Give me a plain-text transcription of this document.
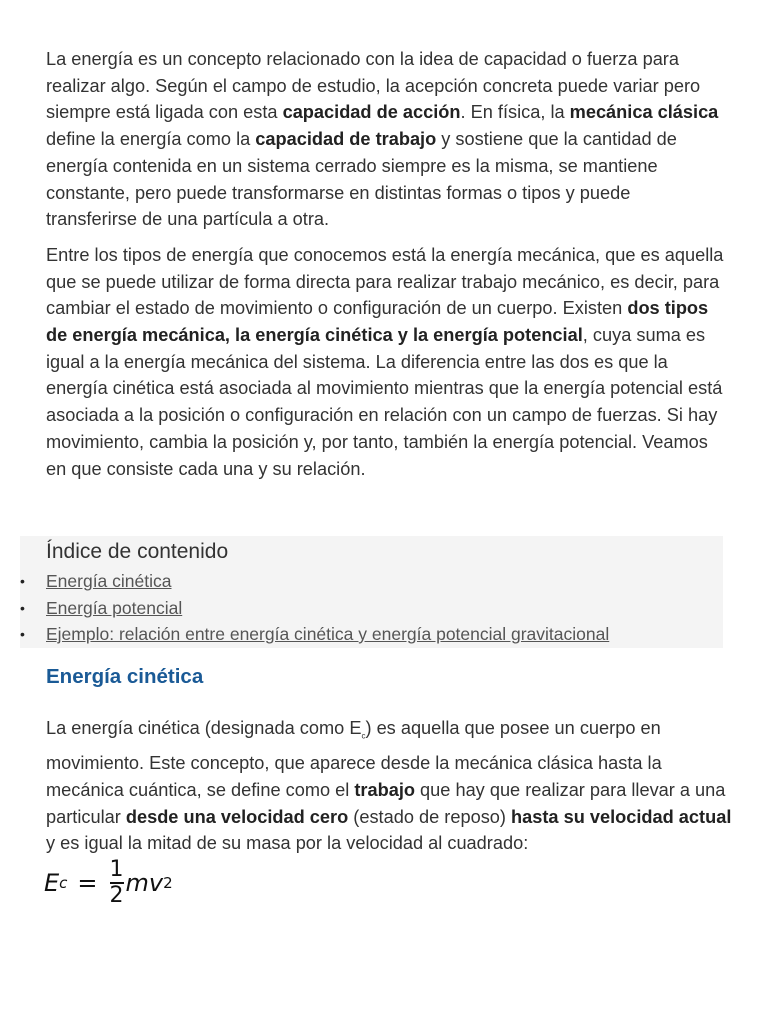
La energía es un concepto relacionado con la idea de capacidad o fuerza para realizar algo. Según el campo de estudio, la acepción concreta puede variar pero siempre está ligada con esta capacidad de acción. En física, la mecánica clásica define la energía como la capacidad de trabajo y sostiene que la cantidad de energía contenida en un sistema cerrado siempre es la misma, se mantiene constante, pero puede transformarse en distintas formas o tipos y puede transferirse de una partícula a otra.

Entre los tipos de energía que conocemos está la energía mecánica, que es aquella que se puede utilizar de forma directa para realizar trabajo mecánico, es decir, para cambiar el estado de movimiento o configuración de un cuerpo. Existen dos tipos de energía mecánica, la energía cinética y la energía potencial, cuya suma es igual a la energía mecánica del sistema. La diferencia entre las dos es que la energía cinética está asociada al movimiento mientras que la energía potencial está asociada a la posición o configuración en relación con un campo de fuerzas. Si hay movimiento, cambia la posición y, por tanto, también la energía potencial. Veamos en que consiste cada una y su relación.

Índice de contenido
•	Energía cinética
•	Energía potencial
•	Ejemplo: relación entre energía cinética y energía potencial gravitacional
Energía cinética

La energía cinética (designada como $E_c$) es aquella que posee un cuerpo en movimiento. Este concepto, que aparece desde la mecánica clásica hasta la mecánica cuántica, se define como el trabajo que hay que realizar para llevar a una particular desde una velocidad cero (estado de reposo) hasta su velocidad actual y es igual la mitad de su masa por la velocidad al cuadrado:

E $c = \frac{1}{2}$ mv 2
